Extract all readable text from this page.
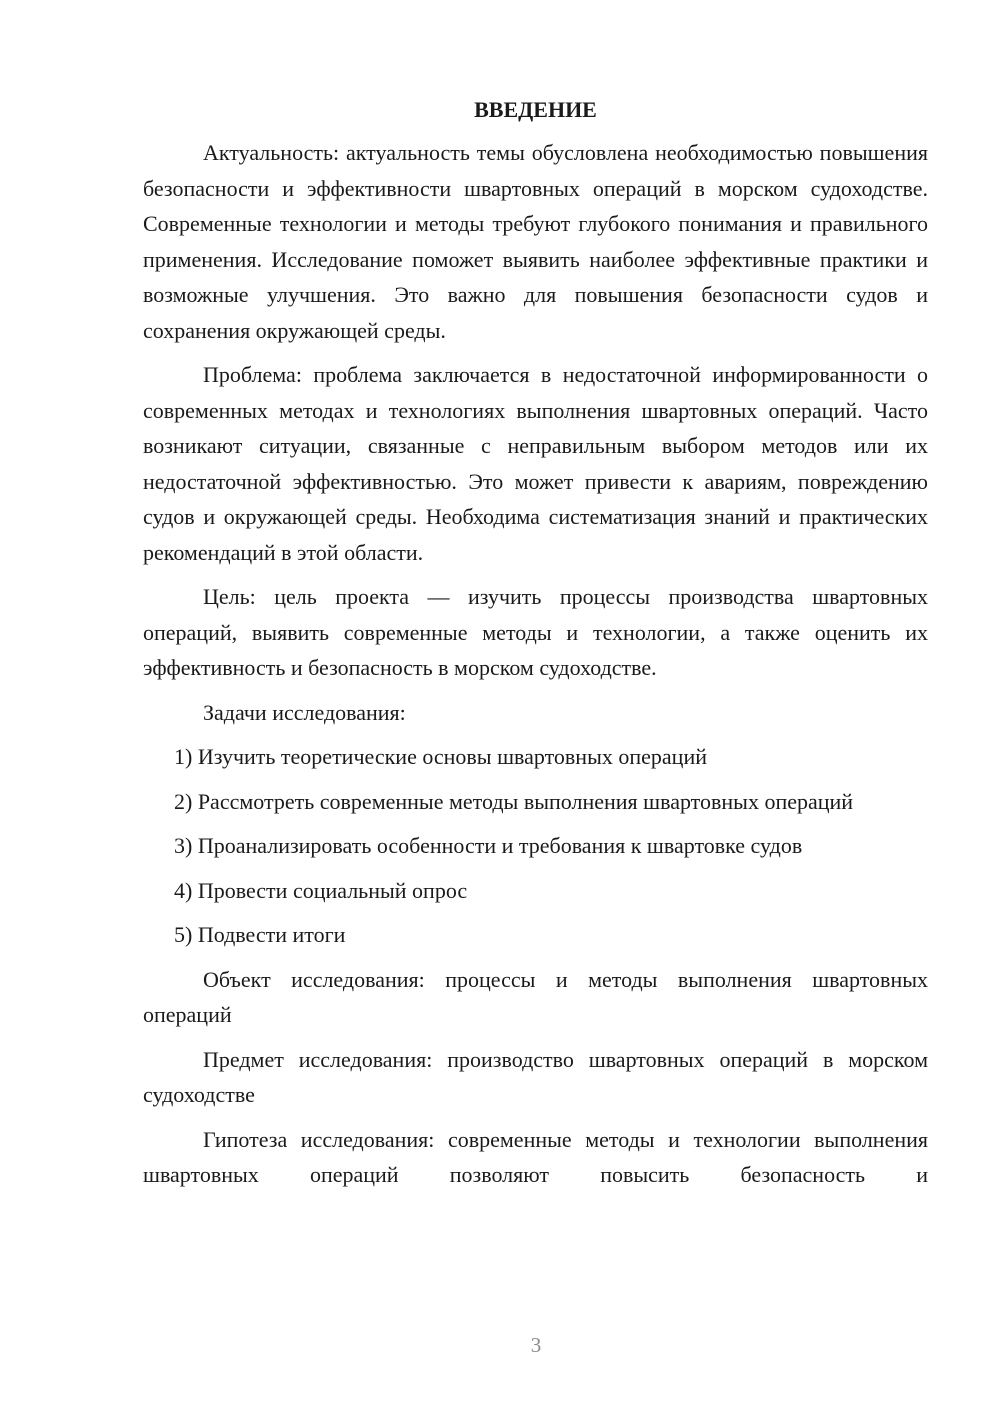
ВВЕДЕНИЕ

Актуальность: актуальность темы обусловлена необходимостью повышения безопасности и эффективности швартовных операций в морском судоходстве. Современные технологии и методы требуют глубокого понимания и правильного применения. Исследование поможет выявить наиболее эффективные практики и возможные улучшения. Это важно для повышения безопасности судов и сохранения окружающей среды.

Проблема: проблема заключается в недостаточной информированности о современных методах и технологиях выполнения швартовных операций. Часто возникают ситуации, связанные с неправильным выбором методов или их недостаточной эффективностью. Это может привести к авариям, повреждению судов и окружающей среды. Необходима систематизация знаний и практических рекомендаций в этой области.

Цель: цель проекта — изучить процессы производства швартовных операций, выявить современные методы и технологии, а также оценить их эффективность и безопасность в морском судоходстве.

Задачи исследования:

1) Изучить теоретические основы швартовных операций

2) Рассмотреть современные методы выполнения швартовных операций

3) Проанализировать особенности и требования к швартовке судов

4) Провести социальный опрос

5) Подвести итоги

Объект исследования: процессы и методы выполнения швартовных операций

Предмет исследования: производство швартовных операций в морском судоходстве

Гипотеза исследования: современные методы и технологии выполнения швартовных операций позволяют повысить безопасность и

3
